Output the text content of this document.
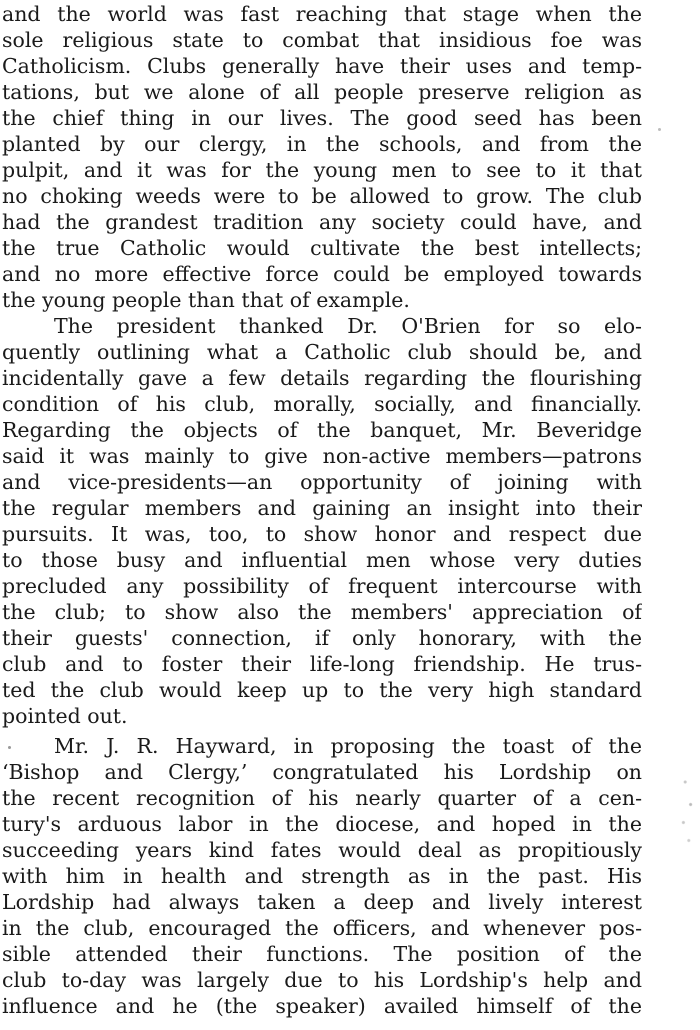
and the world was fast reaching that stage when the
sole religious state to combat that insidious foe was
Catholicism. Clubs generally have their uses and temp-
tations, but we alone of all people preserve religion as
the chief thing in our lives. The good seed has been
planted by our clergy, in the schools, and from the
pulpit, and it was for the young men to see to it that
no choking weeds were to be allowed to grow. The club
had the grandest tradition any society could have, and
the true Catholic would cultivate the best intellects;
and no more effective force could be employed towards
the young people than that of example.
The president thanked Dr. O'Brien for so elo-
quently outlining what a Catholic club should be, and
incidentally gave a few details regarding the flourishing
condition of his club, morally, socially, and financially.
Regarding the objects of the banquet, Mr. Beveridge
said it was mainly to give non-active members—patrons
and vice-presidents—an opportunity of joining with
the regular members and gaining an insight into their
pursuits. It was, too, to show honor and respect due
to those busy and influential men whose very duties
precluded any possibility of frequent intercourse with
the club; to show also the members' appreciation of
their guests' connection, if only honorary, with the
club and to foster their life-long friendship. He trus-
ted the club would keep up to the very high standard
pointed out.
Mr. J. R. Hayward, in proposing the toast of the
‘Bishop and Clergy,’ congratulated his Lordship on
the recent recognition of his nearly quarter of a cen-
tury's arduous labor in the diocese, and hoped in the
succeeding years kind fates would deal as propitiously
with him in health and strength as in the past. His
Lordship had always taken a deep and lively interest
in the club, encouraged the officers, and whenever pos-
sible attended their functions. The position of the
club to-day was largely due to his Lordship's help and
influence and he (the speaker) availed himself of the
